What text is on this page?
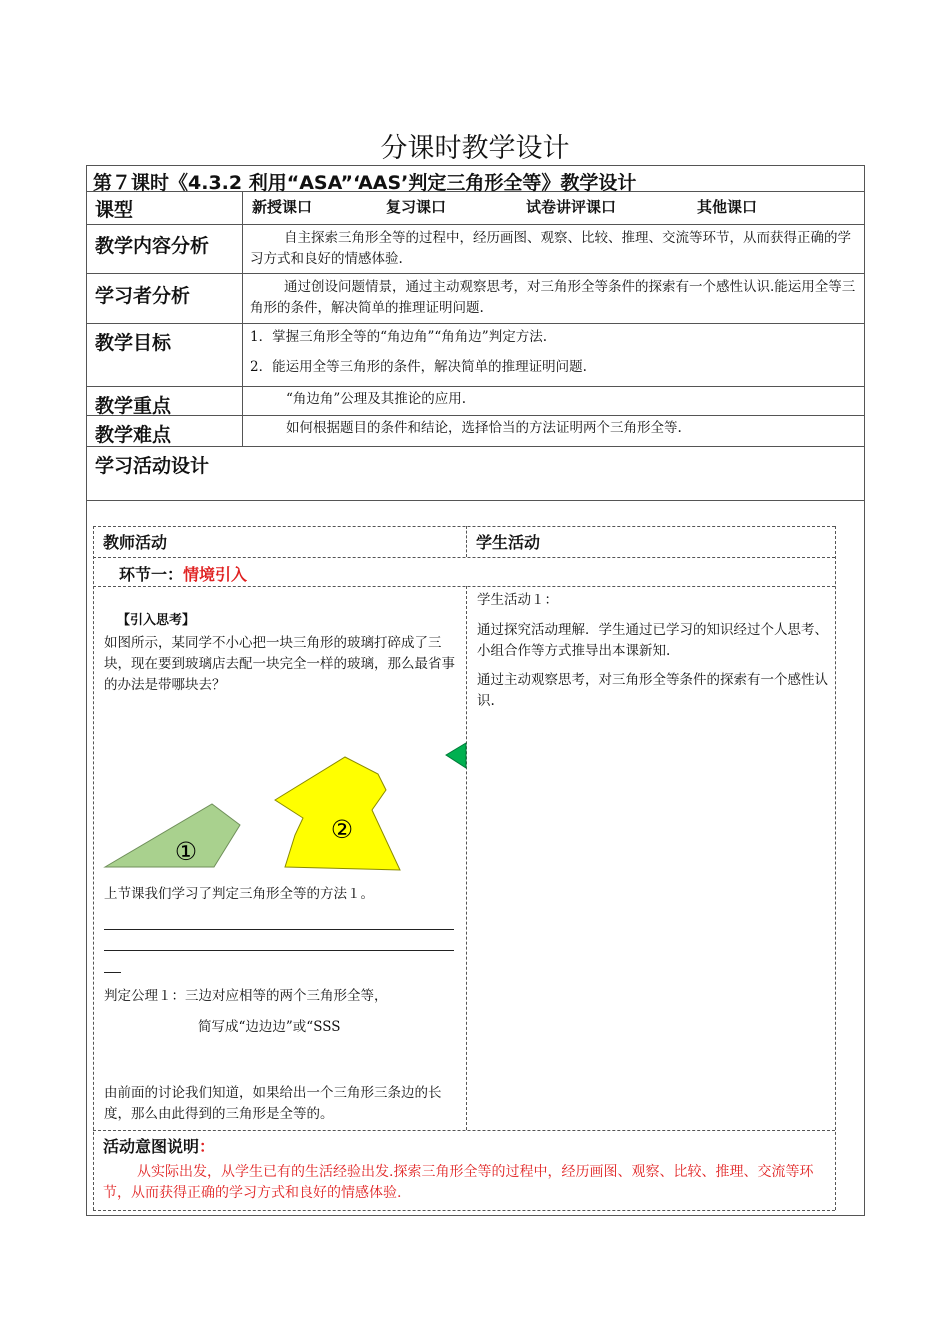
分课时教学设计
第７课时《4.3.2 利用“ASA”‘AAS’判定三角形全等》教学设计
课型	新授课口	复习课口	试卷讲评课口	其他课口
教学内容分析	自主探索三角形全等的过程中，经历画图、观察、比较、推理、交流等环节，从而获得正确的学习方式和良好的情感体验.
学习者分析	通过创设问题情景，通过主动观察思考，对三角形全等条件的探索有一个感性认识.能运用全等三角形的条件，解决简单的推理证明问题.
教学目标	1．掌握三角形全等的“角边角”“角角边”判定方法.
2．能运用全等三角形的条件，解决简单的推理证明问题.
教学重点	“角边角”公理及其推论的应用.
教学难点	如何根据题目的条件和结论，选择恰当的方法证明两个三角形全等.
学习活动设计
教师活动	学生活动
环节一：情境引入
【引入思考】
如图所示，某同学不小心把一块三角形的玻璃打碎成了三块，现在要到玻璃店去配一块完全一样的玻璃，那么最省事的办法是带哪块去？
①
②
上节课我们学习了判定三角形全等的方法１。
判定公理１：三边对应相等的两个三角形全等，
简写成“边边边”或“SSS
由前面的讨论我们知道，如果给出一个三角形三条边的长度，那么由此得到的三角形是全等的。
学生活动１：
通过探究活动理解．学生通过已学习的知识经过个人思考、小组合作等方式推导出本课新知.
通过主动观察思考，对三角形全等条件的探索有一个感性认识.
活动意图说明：
从实际出发，从学生已有的生活经验出发.探索三角形全等的过程中，经历画图、观察、比较、推理、交流等环节，从而获得正确的学习方式和良好的情感体验.
